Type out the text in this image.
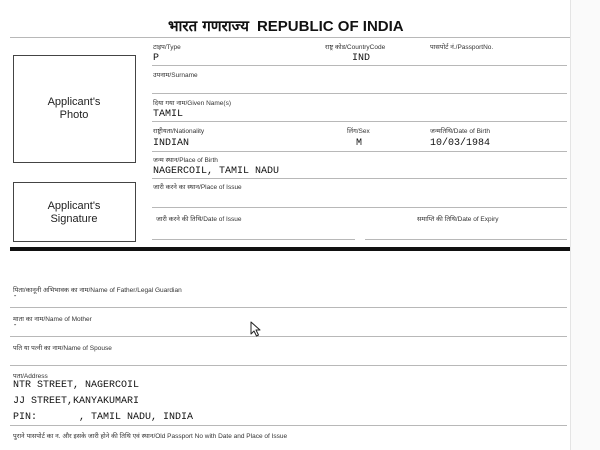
भारत गणराज्य REPUBLIC OF INDIA
Applicant's Photo
Applicant's Signature
टाइप/Type
P
राष्ट्र कोड/CountryCode
IND
पासपोर्ट नं./PassportNo.
उपनाम/Surname
दिया गया नाम/Given Name(s)
TAMIL
राष्ट्रीयता/Nationality
INDIAN
लिंग/Sex
M
जन्मतिथि/Date of Birth
10/03/1984
जन्म स्थान/Place of Birth
NAGERCOIL, TAMIL NADU
जारी करने का स्थान/Place of Issue
जारी करने की तिथि/Date of Issue	समाप्ति की तिथि/Date of Expiry
पिता/कानूनी अभिभावक का नाम/Name of Father/Legal Guardian
-
माता का नाम/Name of Mother
-
पति या पत्नी का नाम/Name of Spouse
पता/Address
NTR STREET, NAGERCOIL
JJ STREET,KANYAKUMARI
PIN:       , TAMIL NADU, INDIA
पुराने पासपोर्ट का न. और इसके जारी होने की तिथि एवं स्थान/Old Passport No with Date and Place of Issue
